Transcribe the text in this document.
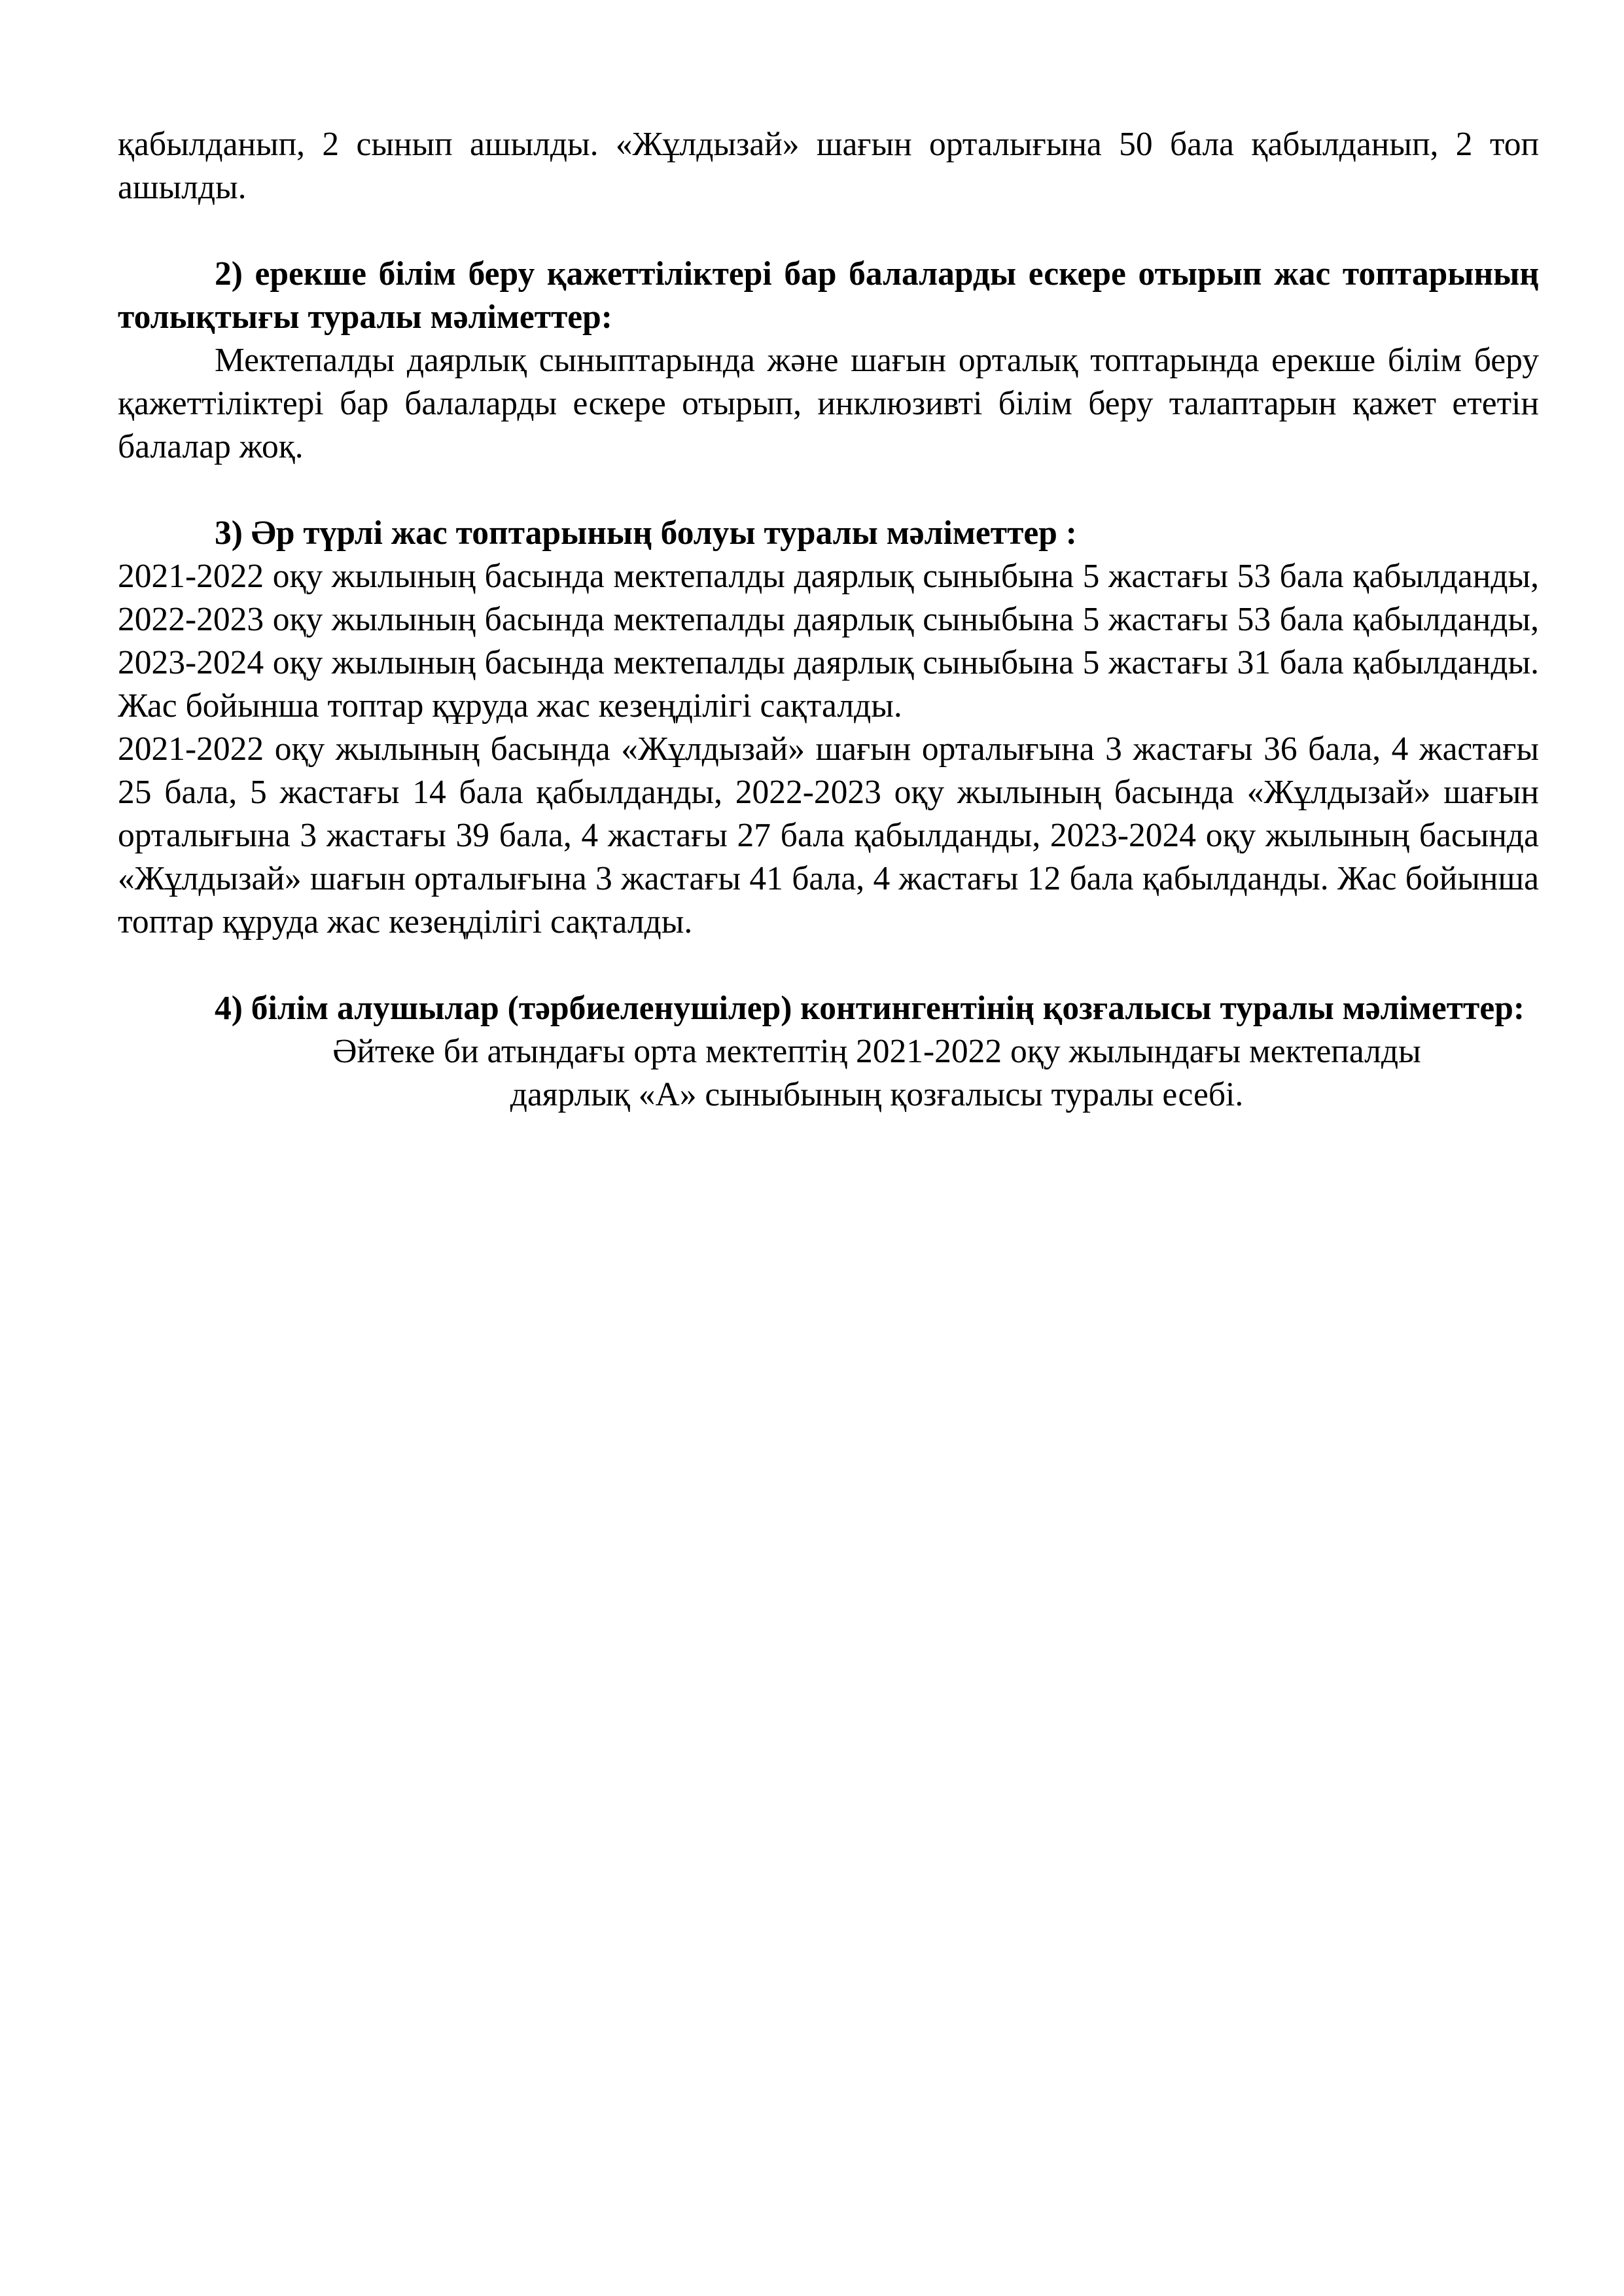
қабылданып, 2 сынып ашылды. «Жұлдызай» шағын орталығына 50 бала қабылданып, 2 топ ашылды.

2) ерекше білім беру қажеттіліктері бар балаларды ескере отырып жас топтарының толықтығы туралы мәліметтер:

Мектепалды даярлық сыныптарында және шағын орталық топтарында ерекше білім беру қажеттіліктері бар балаларды ескере отырып, инклюзивті білім беру талаптарын қажет ететін балалар жоқ.

3) Әр түрлі жас топтарының болуы туралы мәліметтер :

2021-2022 оқу жылының басында мектепалды даярлық сыныбына 5 жастағы 53 бала қабылданды, 2022-2023 оқу жылының басында мектепалды даярлық сыныбына 5 жастағы 53 бала қабылданды, 2023-2024 оқу жылының басында мектепалды даярлық сыныбына 5 жастағы 31 бала қабылданды. Жас бойынша топтар құруда жас кезеңділігі сақталды.

2021-2022 оқу жылының басында «Жұлдызай» шағын орталығына 3 жастағы 36 бала, 4 жастағы 25 бала, 5 жастағы 14 бала қабылданды, 2022-2023 оқу жылының басында «Жұлдызай» шағын орталығына 3 жастағы 39 бала, 4 жастағы 27 бала қабылданды, 2023-2024 оқу жылының басында «Жұлдызай» шағын орталығына 3 жастағы 41 бала, 4 жастағы 12 бала қабылданды. Жас бойынша топтар құруда жас кезеңділігі сақталды.

4) білім алушылар (тәрбиеленушілер) контингентінің қозғалысы туралы мәліметтер:

Әйтеке би атындағы орта мектептің 2021-2022 оқу жылындағы мектепалды
даярлық «А» сыныбының қозғалысы туралы есебі.
